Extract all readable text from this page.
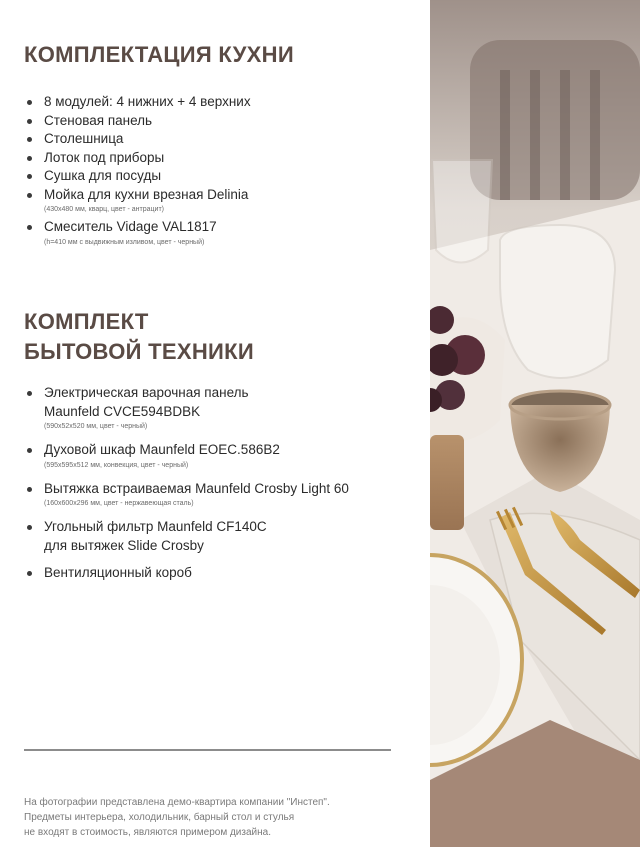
КОМПЛЕКТАЦИЯ КУХНИ
8 модулей: 4 нижних + 4 верхних
Стеновая панель
Столешница
Лоток под приборы
Сушка для посуды
Мойка для кухни врезная Delinia
(430x480 мм, кварц, цвет - антрацит)
Смеситель Vidage VAL1817
(h=410 мм с выдвижным изливом, цвет - черный)
КОМПЛЕКТ
БЫТОВОЙ ТЕХНИКИ
Электрическая варочная панель
Maunfeld CVCE594BDBK
(590x52x520 мм, цвет - черный)
Духовой шкаф Maunfeld EOEC.586B2
(595x595x512 мм, конвекция, цвет - черный)
Вытяжка встраиваемая Maunfeld Crosby Light 60
(160x600x296 мм, цвет - нержавеющая сталь)
Угольный фильтр Maunfeld CF140C
для вытяжек Slide Crosby
Вентиляционный короб

На фотографии представлена демо-квартира компании "Инстеп".
Предметы интерьера, холодильник, барный стол и стулья
не входят в стоимость, являются примером дизайна.
